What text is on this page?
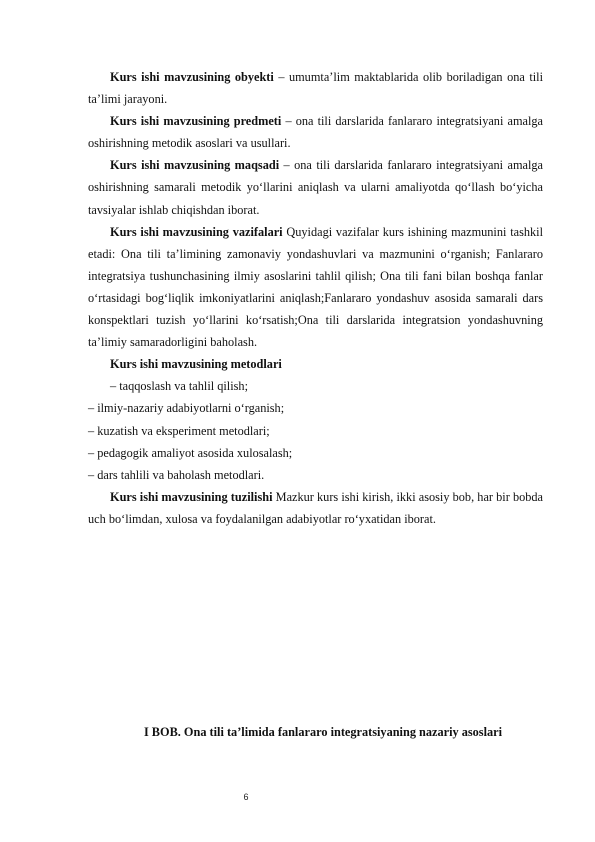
Kurs ishi mavzusining obyekti – umumta’lim maktablarida olib boriladigan ona tili ta’limi jarayoni.

Kurs ishi mavzusining predmeti – ona tili darslarida fanlararo integratsiyani amalga oshirishning metodik asoslari va usullari.

Kurs ishi mavzusining maqsadi – ona tili darslarida fanlararo integratsiyani amalga oshirishning samarali metodik yo‘llarini aniqlash va ularni amaliyotda qo‘llash bo‘yicha tavsiyalar ishlab chiqishdan iborat.

Kurs ishi mavzusining vazifalari Quyidagi vazifalar kurs ishining mazmunini tashkil etadi: Ona tili ta’limining zamonaviy yondashuvlari va mazmunini o‘rganish; Fanlararo integratsiya tushunchasining ilmiy asoslarini tahlil qilish; Ona tili fani bilan boshqa fanlar o‘rtasidagi bog‘liqlik imkoniyatlarini aniqlash;Fanlararo yondashuv asosida samarali dars konspektlari tuzish yo‘llarini ko‘rsatish;Ona tili darslarida integratsion yondashuvning ta’limiy samaradorligini baholash.

Kurs ishi mavzusining metodlari

– taqqoslash va tahlil qilish;

– ilmiy-nazariy adabiyotlarni o‘rganish;

– kuzatish va eksperiment metodlari;

– pedagogik amaliyot asosida xulosalash;

– dars tahlili va baholash metodlari.

Kurs ishi mavzusining tuzilishi Mazkur kurs ishi kirish, ikki asosiy bob, har bir bobda uch bo‘limdan, xulosa va foydalanilgan adabiyotlar ro‘yxatidan iborat.

I BOB. Ona tili ta’limida fanlararo integratsiyaning nazariy asoslari
6
